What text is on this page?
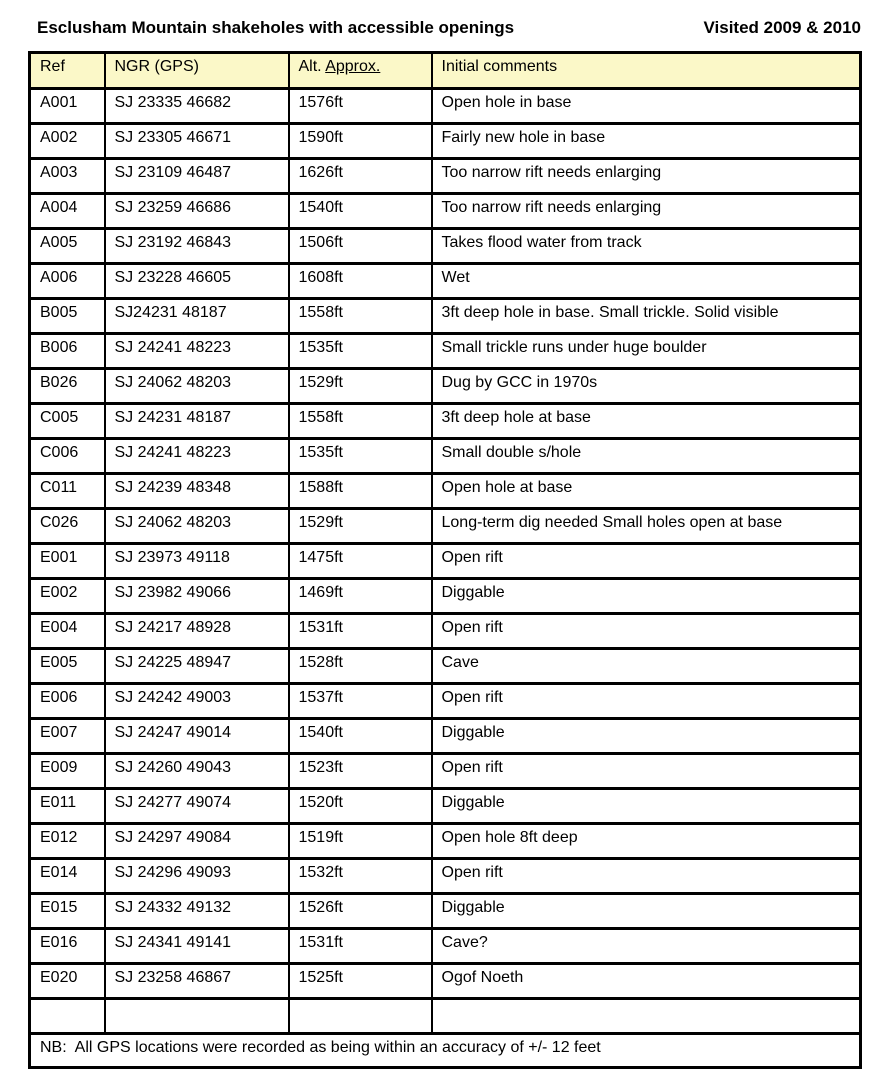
Esclusham Mountain shakeholes with accessible openings	Visited 2009 & 2010
Ref	NGR (GPS)	Alt. Approx.	Initial comments
A001	SJ 23335 46682	1576ft	Open hole in base
A002	SJ 23305 46671	1590ft	Fairly new hole in base
A003	SJ 23109 46487	1626ft	Too narrow rift needs enlarging
A004	SJ 23259 46686	1540ft	Too narrow rift needs enlarging
A005	SJ 23192 46843	1506ft	Takes flood water from track
A006	SJ 23228 46605	1608ft	Wet
B005	SJ24231 48187	1558ft	3ft deep hole in base. Small trickle. Solid visible
B006	SJ 24241 48223	1535ft	Small trickle runs under huge boulder
B026	SJ 24062 48203	1529ft	Dug by GCC in 1970s
C005	SJ 24231 48187	1558ft	3ft deep hole at base
C006	SJ 24241 48223	1535ft	Small double s/hole
C011	SJ 24239 48348	1588ft	Open hole at base
C026	SJ 24062 48203	1529ft	Long-term dig needed Small holes open at base
E001	SJ 23973 49118	1475ft	Open rift
E002	SJ 23982 49066	1469ft	Diggable
E004	SJ 24217 48928	1531ft	Open rift
E005	SJ 24225 48947	1528ft	Cave
E006	SJ 24242 49003	1537ft	Open rift
E007	SJ 24247 49014	1540ft	Diggable
E009	SJ 24260 49043	1523ft	Open rift
E011	SJ 24277 49074	1520ft	Diggable
E012	SJ 24297 49084	1519ft	Open hole 8ft deep
E014	SJ 24296 49093	1532ft	Open rift
E015	SJ 24332 49132	1526ft	Diggable
E016	SJ 24341 49141	1531ft	Cave?
E020	SJ 23258 46867	1525ft	Ogof Noeth

NB:  All GPS locations were recorded as being within an accuracy of +/- 12 feet			
